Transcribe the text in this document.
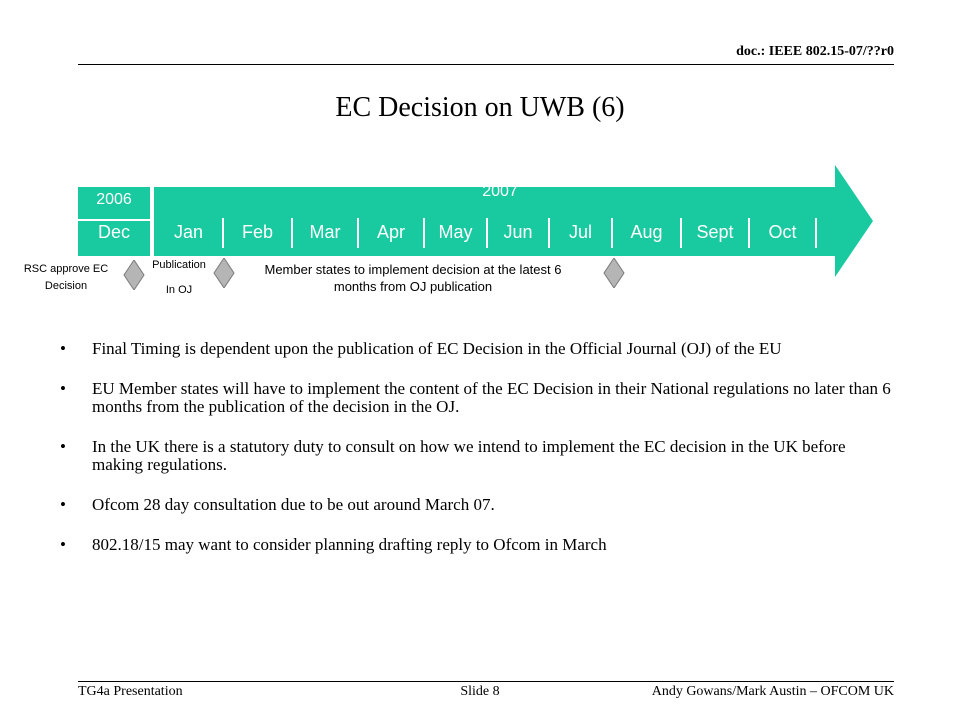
doc.: IEEE 802.15-07/??r0
EC Decision on UWB (6)
2006	2007
Dec	Jan	Feb	Mar	Apr	May	Jun	Jul	Aug	Sept	Oct
RSC approve EC Decision
Publication
In OJ
Member states to implement decision at the latest 6 months from OJ publication
• Final Timing is dependent upon the publication of EC Decision in the Official Journal (OJ) of the EU
• EU Member states will have to implement the content of the EC Decision in their National regulations no later than 6 months from the publication of the decision in the OJ.
• In the UK there is a statutory duty to consult on how we intend to implement the EC decision in the UK before making regulations.
• Ofcom 28 day consultation due to be out around March 07.
• 802.18/15 may want to consider planning drafting reply to Ofcom in March
TG4a Presentation	Slide 8	Andy Gowans/Mark Austin – OFCOM UK
